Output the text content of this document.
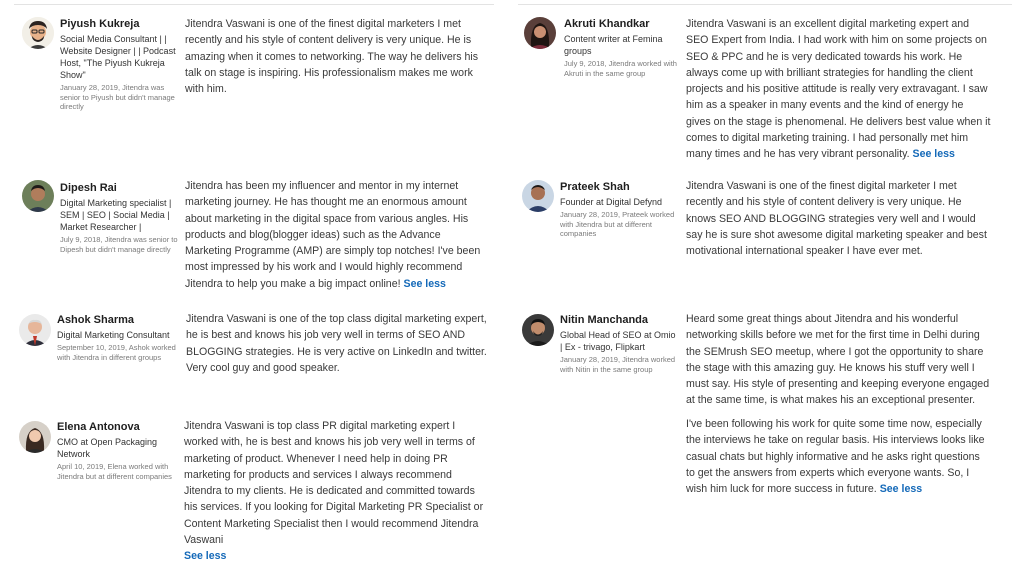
Piyush Kukreja
Social Media Consultant | | Website Designer | | Podcast Host, "The Piyush Kukreja Show"
January 28, 2019, Jitendra was senior to Piyush but didn't manage directly

Jitendra Vaswani is one of the finest digital marketers I met recently and his style of content delivery is very unique. He is amazing when it comes to networking. The way he delivers his talk on stage is inspiring. His professionalism makes me work with him.

Dipesh Rai
Digital Marketing specialist | SEM | SEO | Social Media | Market Researcher |
July 9, 2018, Jitendra was senior to Dipesh but didn't manage directly

Jitendra has been my influencer and mentor in my internet marketing journey. He has thought me an enormous amount about marketing in the digital space from various angles. His products and blog(blogger ideas) such as the Advance Marketing Programme (AMP) are simply top notches! I've been most impressed by his work and I would highly recommend Jitendra to help you make a big impact online! See less

Ashok Sharma
Digital Marketing Consultant
September 10, 2019, Ashok worked with Jitendra in different groups

Jitendra Vaswani is one of the top class digital marketing expert, he is best and knows his job very well in terms of SEO AND BLOGGING strategies. He is very active on LinkedIn and twitter. Very cool guy and good speaker.

Elena Antonova
CMO at Open Packaging Network
April 10, 2019, Elena worked with Jitendra but at different companies

Jitendra Vaswani is top class PR digital marketing expert I worked with, he is best and knows his job very well in terms of marketing of product. Whenever I need help in doing PR marketing for products and services I always recommend Jitendra to my clients. He is dedicated and committed towards his services. If you looking for Digital Marketing PR Specialist or Content Marketing Specialist then I would recommend Jitendra Vaswani
See less

Akruti Khandkar
Content writer at Femina groups
July 9, 2018, Jitendra worked with Akruti in the same group

Jitendra Vaswani is an excellent digital marketing expert and SEO Expert from India. I had work with him on some projects on SEO & PPC and he is very dedicated towards his work. He always come up with brilliant strategies for handling the client projects and his positive attitude is really very extravagant. I saw him as a speaker in many events and the kind of energy he gives on the stage is phenomenal. He delivers best value when it comes to digital marketing training. I had personally met him many times and he has very vibrant personality. See less

Prateek Shah
Founder at Digital Defynd
January 28, 2019, Prateek worked with Jitendra but at different companies

Jitendra Vaswani is one of the finest digital marketer I met recently and his style of content delivery is very unique. He knows SEO AND BLOGGING strategies very well and I would say he is sure shot awesome digital marketing speaker and best motivational international speaker I have ever met.

Nitin Manchanda
Global Head of SEO at Omio | Ex - trivago, Flipkart
January 28, 2019, Jitendra worked with Nitin in the same group

Heard some great things about Jitendra and his wonderful networking skills before we met for the first time in Delhi during the SEMrush SEO meetup, where I got the opportunity to share the stage with this amazing guy. He knows his stuff very well I must say. His style of presenting and keeping everyone engaged at the same time, is what makes his an exceptional presenter.

I've been following his work for quite some time now, especially the interviews he take on regular basis. His interviews looks like casual chats but highly informative and he asks right questions to get the answers from experts which everyone wants. So, I wish him luck for more success in future. See less
